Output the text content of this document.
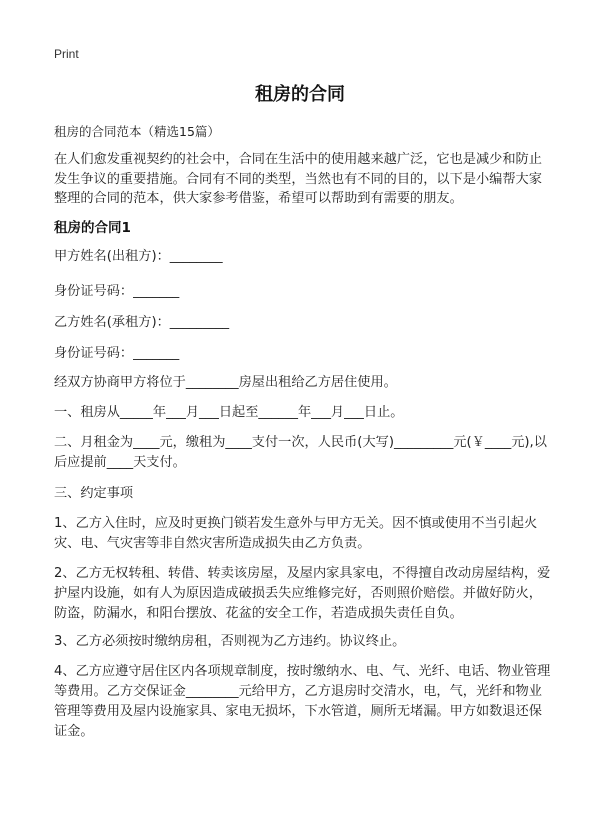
Print
租房的合同
租房的合同范本（精选15篇）
在人们愈发重视契约的社会中，合同在生活中的使用越来越广泛，它也是减少和防止发生争议的重要措施。合同有不同的类型，当然也有不同的目的，以下是小编帮大家整理的合同的范本，供大家参考借鉴，希望可以帮助到有需要的朋友。
租房的合同1
甲方姓名(出租方)：________
身份证号码：_______
乙方姓名(承租方)：_________
身份证号码：_______
经双方协商甲方将位于________房屋出租给乙方居住使用。
一、租房从_____年___月___日起至______年___月___日止。
二、月租金为____元，缴租为____支付一次，人民币(大写)_________元(￥____元),以后应提前____天支付。
三、约定事项
1、乙方入住时，应及时更换门锁若发生意外与甲方无关。因不慎或使用不当引起火灾、电、气灾害等非自然灾害所造成损失由乙方负责。
2、乙方无权转租、转借、转卖该房屋，及屋内家具家电，不得擅自改动房屋结构，爱护屋内设施，如有人为原因造成破损丢失应维修完好，否则照价赔偿。并做好防火，防盗，防漏水，和阳台摆放、花盆的安全工作，若造成损失责任自负。
3、乙方必须按时缴纳房租，否则视为乙方违约。协议终止。
4、乙方应遵守居住区内各项规章制度，按时缴纳水、电、气、光纤、电话、物业管理等费用。乙方交保证金________元给甲方，乙方退房时交清水，电，气，光纤和物业管理等费用及屋内设施家具、家电无损坏，下水管道，厕所无堵漏。甲方如数退还保证金。
